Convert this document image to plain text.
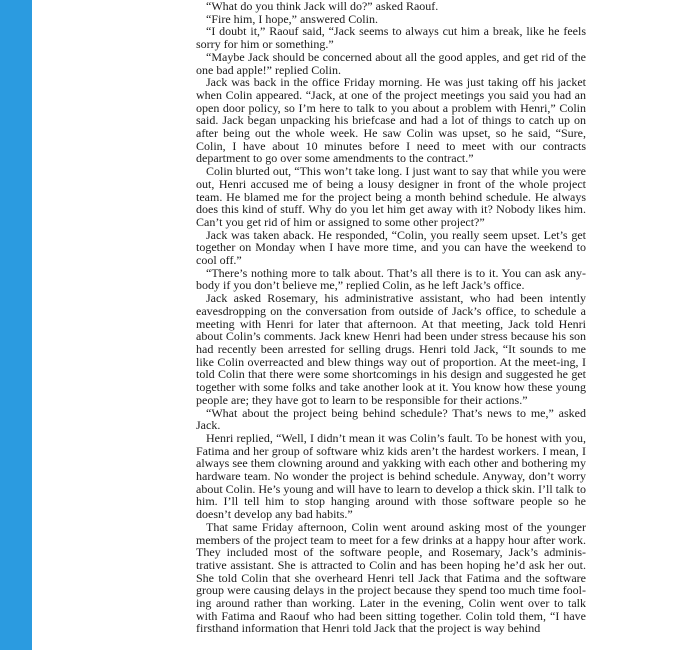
“What do you think Jack will do?” asked Raouf.

“Fire him, I hope,” answered Colin.

“I doubt it,” Raouf said, “Jack seems to always cut him a break, like he feels sorry for him or something.”

“Maybe Jack should be concerned about all the good apples, and get rid of the one bad apple!” replied Colin.

Jack was back in the office Friday morning. He was just taking off his jacket when Colin appeared. “Jack, at one of the project meetings you said you had an open door policy, so I’m here to talk to you about a problem with Henri,” Colin said. Jack began unpacking his briefcase and had a lot of things to catch up on after being out the whole week. He saw Colin was upset, so he said, “Sure, Colin, I have about 10 minutes before I need to meet with our contracts department to go over some amendments to the contract.”

Colin blurted out, “This won’t take long. I just want to say that while you were out, Henri accused me of being a lousy designer in front of the whole project team. He blamed me for the project being a month behind schedule. He always does this kind of stuff. Why do you let him get away with it? Nobody likes him. Can’t you get rid of him or assigned to some other project?”

Jack was taken aback. He responded, “Colin, you really seem upset. Let’s get together on Monday when I have more time, and you can have the weekend to cool off.”

“There’s nothing more to talk about. That’s all there is to it. You can ask any-body if you don’t believe me,” replied Colin, as he left Jack’s office.

Jack asked Rosemary, his administrative assistant, who had been intently eavesdropping on the conversation from outside of Jack’s office, to schedule a meeting with Henri for later that afternoon. At that meeting, Jack told Henri about Colin’s comments. Jack knew Henri had been under stress because his son had recently been arrested for selling drugs. Henri told Jack, “It sounds to me like Colin overreacted and blew things way out of proportion. At the meet-ing, I told Colin that there were some shortcomings in his design and suggested he get together with some folks and take another look at it. You know how these young people are; they have got to learn to be responsible for their actions.”

“What about the project being behind schedule? That’s news to me,” asked Jack.

Henri replied, “Well, I didn’t mean it was Colin’s fault. To be honest with you, Fatima and her group of software whiz kids aren’t the hardest workers. I mean, I always see them clowning around and yakking with each other and bothering my hardware team. No wonder the project is behind schedule. Anyway, don’t worry about Colin. He’s young and will have to learn to develop a thick skin. I’ll talk to him. I’ll tell him to stop hanging around with those software people so he doesn’t develop any bad habits.”

That same Friday afternoon, Colin went around asking most of the younger members of the project team to meet for a few drinks at a happy hour after work. They included most of the software people, and Rosemary, Jack’s adminis-trative assistant. She is attracted to Colin and has been hoping he’d ask her out. She told Colin that she overheard Henri tell Jack that Fatima and the software group were causing delays in the project because they spend too much time fool-ing around rather than working. Later in the evening, Colin went over to talk with Fatima and Raouf who had been sitting together. Colin told them, “I have firsthand information that Henri told Jack that the project is way behind
